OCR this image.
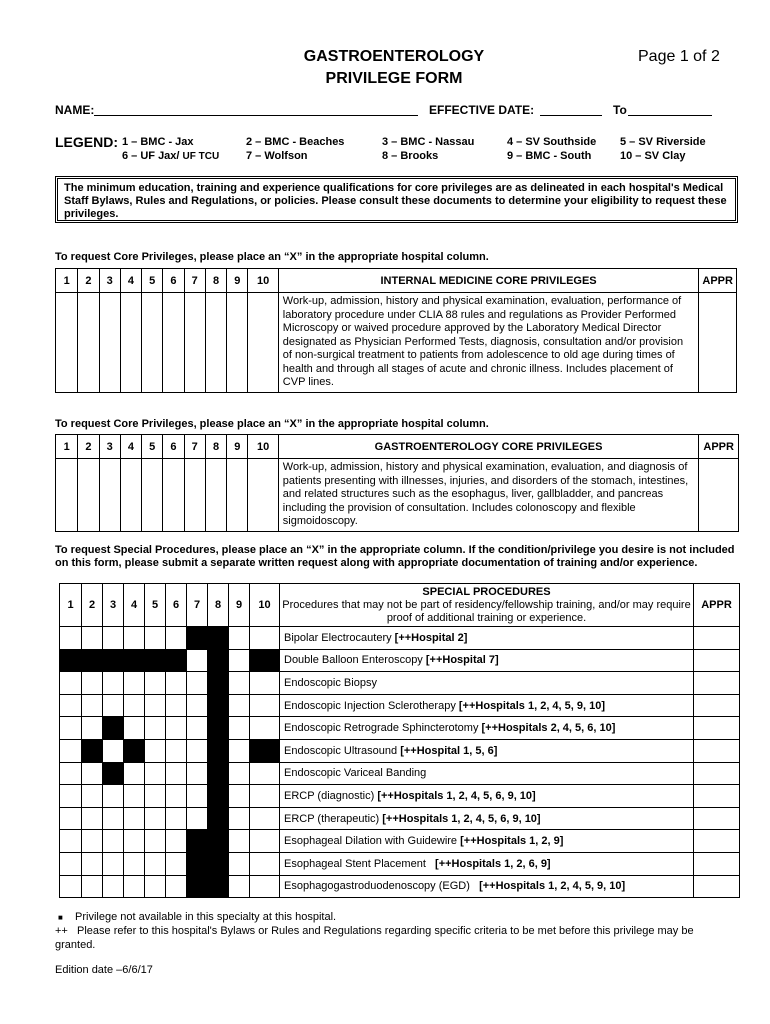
GASTROENTEROLOGY
PRIVILEGE FORM
Page 1 of 2
NAME:	EFFECTIVE DATE:	To
LEGEND: 1 – BMC - Jax	2 – BMC - Beaches	3 – BMC - Nassau	4 – SV Southside 5 – SV Riverside
6 – UF Jax/ UF TCU 7 – Wolfson	8 – Brooks	9 – BMC - South	10 – SV Clay
The minimum education, training and experience qualifications for core privileges are as delineated in each hospital's Medical Staff Bylaws, Rules and Regulations, or policies. Please consult these documents to determine your eligibility to request these privileges.
To request Core Privileges, please place an “X” in the appropriate hospital column.
1	2	3	4	5	6	7	8	9	10	INTERNAL MEDICINE CORE PRIVILEGES	APPR
										Work-up, admission, history and physical examination, evaluation, performance of laboratory procedure under CLIA 88 rules and regulations as Provider Performed Microscopy or waived procedure approved by the Laboratory Medical Director designated as Physician Performed Tests, diagnosis, consultation and/or provision of non-surgical treatment to patients from adolescence to old age during times of health and through all stages of acute and chronic illness. Includes placement of CVP lines.	
To request Core Privileges, please place an “X” in the appropriate hospital column.
1	2	3	4	5	6	7	8	9	10	GASTROENTEROLOGY CORE PRIVILEGES	APPR
										Work-up, admission, history and physical examination, evaluation, and diagnosis of patients presenting with illnesses, injuries, and disorders of the stomach, intestines, and related structures such as the esophagus, liver, gallbladder, and pancreas including the provision of consultation. Includes colonoscopy and flexible sigmoidoscopy.	
To request Special Procedures, please place an “X” in the appropriate column. If the condition/privilege you desire is not included on this form, please submit a separate written request along with appropriate documentation of training and/or experience.
1	2	3	4	5	6	7	8	9	10	SPECIAL PROCEDURES
Procedures that may not be part of residency/fellowship training, and/or may require proof of additional training or experience.	APPR
										Bipolar Electrocautery [++Hospital 2]	
										Double Balloon Enteroscopy [++Hospital 7]	
										Endoscopic Biopsy	
										Endoscopic Injection Sclerotherapy [++Hospitals 1, 2, 4, 5, 9, 10]	
										Endoscopic Retrograde Sphincterotomy [++Hospitals 2, 4, 5, 6, 10]	
										Endoscopic Ultrasound [++Hospital 1, 5, 6]	
										Endoscopic Variceal Banding	
										ERCP (diagnostic) [++Hospitals 1, 2, 4, 5, 6, 9, 10]	
										ERCP (therapeutic) [++Hospitals 1, 2, 4, 5, 6, 9, 10]	
										Esophageal Dilation with Guidewire [++Hospitals 1, 2, 9]	
										Esophageal Stent Placement   [++Hospitals 1, 2, 6, 9]	
										Esophagogastroduodenoscopy (EGD)   [++Hospitals 1, 2, 4, 5, 9, 10]	
■ Privilege not available in this specialty at this hospital.
++ Please refer to this hospital's Bylaws or Rules and Regulations regarding specific criteria to be met before this privilege may be granted.
Edition date –6/6/17
